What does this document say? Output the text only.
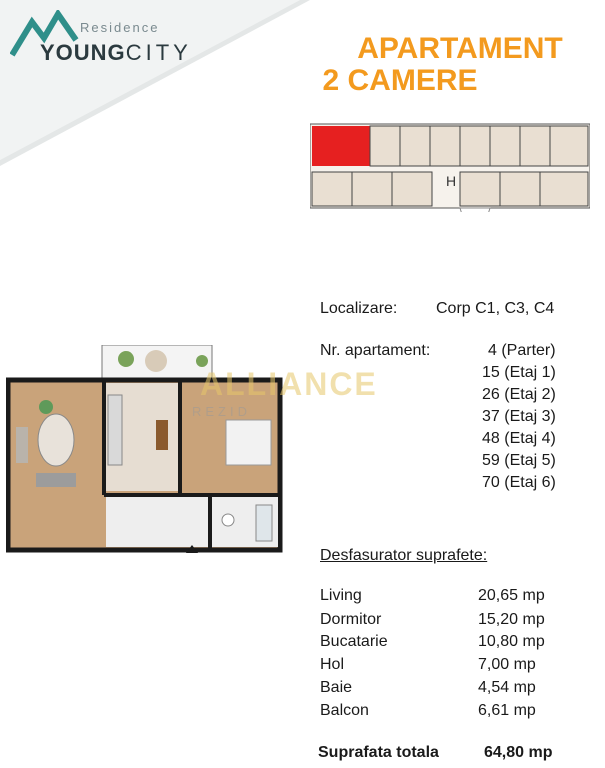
Residence
YOUNGCITY	APARTAMENT
2 CAMERE
H
ALLIANCE
REZID
Localizare: Corp C1, C3, C4
Nr. apartament:	4 (Parter)
15 (Etaj 1)
26 (Etaj 2)
37 (Etaj 3)
48 (Etaj 4)
59 (Etaj 5)
70 (Etaj 6)
Desfasurator suprafete:
Living	20,65 mp
Dormitor	15,20 mp
Bucatarie	10,80 mp
Hol	7,00 mp
Baie	4,54 mp
Balcon	6,61 mp
Suprafata totala	64,80 mp
